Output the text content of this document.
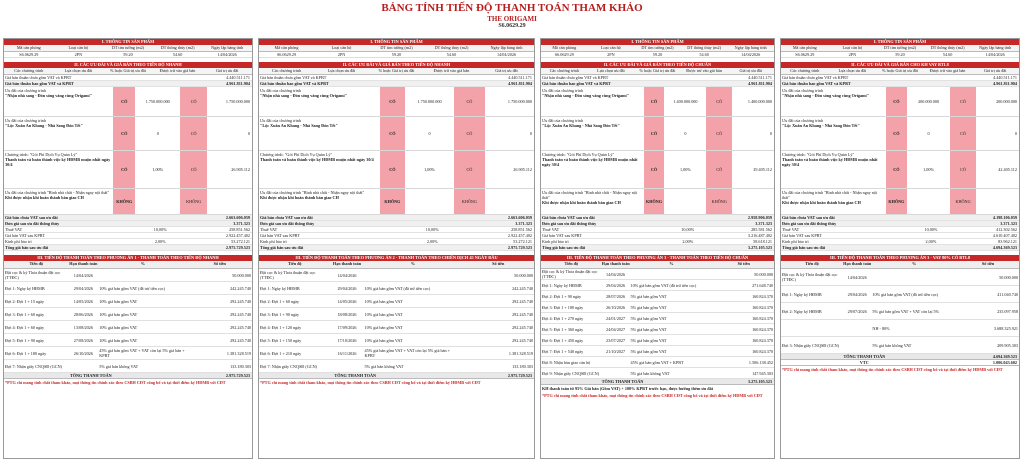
BẢNG TÍNH TIẾN ĐỘ THANH TOÁN THAM KHẢO
THE ORIGAMI
S6.0629.29
I. THÔNG TIN SẢN PHẨM
Mã căn phòng	Loại căn hộ	DT tim tường (m2)	DT thông thủy (m2)	Ngày lập bảng tính
S6.0629.29	2PN	59.20	54.60	14/04/2026
II. CÁC ƯU ĐÃI VÀ GIÁ BÁN THEO TIẾN ĐỘ NHANH
Các chương trình	Lựa chọn ưu đãi	% hoặc Giá trị ưu đãi	Được trừ vào giá bán	Giá trị ưu đãi
Giá bán thuần chưa gồm VAT và KPBT	4.440.511.171
Giá bán thuần bao gồm VAT và KPBT	4.961.811.904
Ưu đãi của chương trình
"Nhận nhà sang - Đón sóng vàng cùng Origami"
CÓ	1.750.000.000	CÓ	1.750.000.000
Ưu đãi của chương trình
"Lộc Xuân An Khang - Nhà Sang Đón Tết"
CÓ	0	CÓ	0
Chương trình: "Gói Phí Dịch Vụ Quản Lý"
Thanh toán và hoàn thành việc ký HĐMB muộn nhất ngày 30/4
CÓ	1,00%	CÓ	26.905.112
Ưu đãi của chương trình "Bình nhà chất - Nhận ngay nội thất"
Khi được nhận khi hoàn thành bàn giao CH
KHÔNG	KHÔNG
Giá bán chưa VAT sau ưu đãi	2.663.606.059
Đơn giá sau ưu đãi thông thủy	3.371.323
Thuế VAT	10,00%	258.851.562
Giá bán VAT sau KPBT	2.922.457.402
Kinh phí bảo trì	2,00%	53.272.121
Tổng giá bán sau ưu đãi	2.975.729.523
III. TIẾN ĐỘ THANH TOÁN THEO PHƯƠNG ÁN 1 - THANH TOÁN THEO TIẾN ĐỘ NHANH
Tiến độ	Hạn thanh toán	%	Số tiền
Đặt cọc & ký Thỏa thuận đặt cọc (TTĐC)	14/04/2026	50.000.000
Đợt 1: Ngày ký HĐMB	29/04/2026	10% giá bán gồm VAT (đã trừ tiền cọc)	242.245.740
Đợt 2: Đợt 1 + 15 ngày	14/05/2026	10% giá bán gồm VAT	292.245.740
Đợt 3: Đợt 1 + 60 ngày	28/06/2026	10% giá bán gồm VAT	292.245.740
Đợt 4: Đợt 1 + 60 ngày	13/08/2026	10% giá bán gồm VAT	292.245.740
Đợt 5: Đợt 1 + 90 ngày	27/08/2026	10% giá bán gồm VAT	292.245.740
Đợt 6: Đợt 1 + 180 ngày	26/10/2026	45% giá bán gồm VAT + VAT còn lại 5% giá bán + KPBT	1.381.328.519
Đợt 7: Nhận giấy CNQSĐ (GCN)	5% giá bán không VAT	133.180.303
TỔNG THANH TOÁN	2.975.729.523
*PTG chỉ mang tính chất tham khảo, mọi thông tin chính xác theo CSBH CĐT công bố và tại thời điểm ký HĐMB với CĐT
I. THÔNG TIN SẢN PHẨM
Mã căn phòng	Loại căn hộ	DT tim tường (m2)	DT thông thủy (m2)	Ngày lập bảng tính
S6.0629.29	2PN	59.20	54.60	14/04/2026
II. CÁC ƯU ĐÃI VÀ GIÁ BÁN THEO TIẾN ĐỘ NHANH
Các chương trình	Lựa chọn ưu đãi	% hoặc Giá trị ưu đãi	Được trừ vào giá bán	Giá trị ưu đãi
Giá bán thuần chưa gồm VAT và KPBT	4.440.511.171
Giá bán thuần bao gồm VAT và KPBT	4.961.811.904
Ưu đãi của chương trình
"Nhận nhà sang - Đón sóng vàng cùng Origami"
CÓ	1.750.000.000	CÓ	1.750.000.000
Ưu đãi của chương trình
"Lộc Xuân An Khang - Nhà Sang Đón Tết"
CÓ	0	CÓ	0
Chương trình: "Gói Phí Dịch Vụ Quản Lý"
Thanh toán và hoàn thành việc ký HĐMB muộn nhất ngày 30/4
CÓ	1,00%	CÓ	26.905.112
Ưu đãi của chương trình "Bình nhà chất - Nhận ngay nội thất"
Khi được nhận khi hoàn thành bàn giao CH
KHÔNG	KHÔNG
Giá bán chưa VAT sau ưu đãi	2.663.606.059
Đơn giá sau ưu đãi thông thủy	3.371.323
Thuế VAT	10,00%	258.851.562
Giá bán VAT sau KPBT	2.922.457.402
Kinh phí bảo trì	2,00%	53.272.121
Tổng giá bán sau ưu đãi	2.975.729.523
III. TIẾN ĐỘ THANH TOÁN THEO PHƯƠNG ÁN 2 - THANH TOÁN THEO CHIẾN DỊCH 45 NGÀY ĐẦU
Tiến độ	Hạn thanh toán	%	Số tiền
Đặt cọc & ký Thỏa thuận đặt cọc (TTĐC)	14/04/2026	50.000.000
Đợt 1: Ngày ký HĐMB	29/04/2026	10% giá bán gồm VAT (đã trừ tiền cọc)	242.245.740
Đợt 2: Đợt 1 + 60 ngày	14/05/2026	10% giá bán gồm VAT	292.245.740
Đợt 3: Đợt 1 + 90 ngày	18/08/2026	10% giá bán gồm VAT	292.245.740
Đợt 4: Đợt 1 + 120 ngày	17/09/2026	10% giá bán gồm VAT	292.245.740
Đợt 5: Đợt 1 + 150 ngày	17/10/2026	10% giá bán gồm VAT	292.245.740
Đợt 6: Đợt 1 + 210 ngày	16/11/2026	45% giá bán gồm VAT + VAT còn lại 5% giá bán + KPBT	1.381.328.519
Đợt 7: Nhận giấy CNQSĐ (GCN)	5% giá bán không VAT	133.180.303
TỔNG THANH TOÁN	2.975.729.523
*PTG chỉ mang tính chất tham khảo, mọi thông tin chính xác theo CSBH CĐT công bố và tại thời điểm ký HĐMB với CĐT
I. THÔNG TIN SẢN PHẨM
Mã căn phòng	Loại căn hộ	DT tim tường (m2)	DT thông thủy (m2)	Ngày lập bảng tính
S6.0629.29	2PN	59.20	54.60	14/04/2026
II. CÁC ƯU ĐÃI VÀ GIÁ BÁN THEO TIẾN ĐỘ CHUẨN
Các chương trình	Lựa chọn ưu đãi	% hoặc Giá trị ưu đãi	Được trừ vào giá bán	Giá trị ưu đãi
Giá bán thuần chưa gồm VAT và KPBT	4.440.511.171
Giá bán thuần bao gồm VAT và KPBT	4.961.811.904
Ưu đãi của chương trình
"Nhận nhà sang - Đón sóng vàng cùng Origami"
CÓ	1.400.000.000	CÓ	1.400.000.000
Ưu đãi của chương trình
"Lộc Xuân An Khang - Nhà Sang Đón Tết"
CÓ	0	CÓ	0
Chương trình: "Gói Phí Dịch Vụ Quản Lý"
Thanh toán và hoàn thành việc ký HĐMB muộn nhất ngày 30/4
CÓ	1,00%	CÓ	29.405.112
Ưu đãi của chương trình "Bình nhà chất - Nhận ngay nội thất"
Khi được nhận khi hoàn thành bàn giao CH	KHÔNG	KHÔNG
Giá bán chưa VAT sau ưu đãi	2.958.906.059
Đơn giá sau ưu đãi thông thủy	3.371.323
Thuế VAT	10,00%	285.581.562
Giá bán VAT sau KPBT	3.216.487.402
Kinh phí bảo trì	2,00%	58.618.121
Tổng giá bán sau ưu đãi	3.275.105.523
III. TIẾN ĐỘ THANH TOÁN THEO PHƯƠNG ÁN 3 - THANH TOÁN THEO TIẾN ĐỘ CHUẨN
Tiến độ	Hạn thanh toán	%	Số tiền
Đặt cọc & ký Thỏa thuận đặt cọc (TTĐC)	14/04/2026	50.000.000
Đợt 1: Ngày ký HĐMB	29/04/2026	10% giá bán gồm VAT (đã trừ tiền cọc)	271.648.740
Đợt 2: Đợt 1 + 90 ngày	28/07/2026	5% giá bán gồm VAT	160.824.370
Đợt 3: Đợt 1 + 180 ngày	26/10/2026	5% giá bán gồm VAT	160.824.370
Đợt 4: Đợt 1 + 270 ngày	24/01/2027	5% giá bán gồm VAT	160.824.370
Đợt 5: Đợt 1 + 360 ngày	24/04/2027	5% giá bán gồm VAT	160.824.370
Đợt 6: Đợt 1 + 450 ngày	23/07/2027	5% giá bán gồm VAT	160.824.370
Đợt 7: Đợt 1 + 540 ngày	21/10/2027	5% giá bán gồm VAT	160.824.370
Đợt 8: Nhận bàn giao căn hộ	45% giá bán gồm VAT + KPBT	1.506.138.452
Đợt 9: Nhận giấy CNQSĐ (GCN)	5% giá bán không VAT	147.945.303
TỔNG THANH TOÁN	3.275.105.523
KH thanh toán từ 95% Giá bán (Gồm VAT) + 100% KPBT trước hạn, được hưởng thêm ưu đãi
*PTG chỉ mang tính chất tham khảo, mọi thông tin chính xác theo CSBH CĐT công bố và tại thời điểm ký HĐMB với CĐT
I. THÔNG TIN SẢN PHẨM
Mã căn phòng	Loại căn hộ	DT tim tường (m2)	DT thông thủy (m2)	Ngày lập bảng tính
S6.0629.29	2PN	59.20	54.60	14/04/2026
II. CÁC ƯU ĐÃI VÀ GIÁ BÁN CHO KH VAY BTL8
Các chương trình	Lựa chọn ưu đãi	% hoặc Giá trị ưu đãi	Được trừ vào giá bán	Giá trị ưu đãi
Giá bán thuần chưa gồm VAT và KPBT	4.440.511.171
Giá bán thuần bao gồm VAT và KPBT	4.961.811.904
Ưu đãi của chương trình
"Nhận nhà sang - Đón sóng vàng cùng Origami"
CÓ	200.000.000	CÓ	200.000.000
Ưu đãi của chương trình
"Lộc Xuân An Khang - Nhà Sang Đón Tết"
CÓ	0	CÓ	0
Chương trình: "Gói Phí Dịch Vụ Quản Lý"
Thanh toán và hoàn thành việc ký HĐMB muộn nhất ngày 30/4
CÓ	1,00%	CÓ	42.405.112
Ưu đãi của chương trình "Bình nhà chất - Nhận ngay nội thất"
Khi được nhận khi hoàn thành bàn giao CH	KHÔNG	KHÔNG
Giá bán chưa VAT sau ưu đãi	4.198.106.059
Đơn giá sau ưu đãi thông thủy	3.371.323
Thuế VAT	10,00%	412.302.562
Giá bán VAT sau KPBT	4.610.407.402
Kinh phí bảo trì	2,00%	83.962.121
Tổng giá bán sau ưu đãi	4.694.369.523
III. TIẾN ĐỘ THANH TOÁN THEO PHƯƠNG ÁN 3 - VAY 80% CÓ BTL8
Tiến độ	Hạn thanh toán	%	Số tiền
Đặt cọc & ký Thỏa thuận đặt cọc (TTĐC)	14/04/2026	50.000.000
Đợt 1: Ngày ký HĐMB	29/04/2026	10% giá bán gồm VAT (đã trừ tiền cọc)	411.040.740
Đợt 2: Ngày ký HĐMB	29/07/2026	5% giá bán gồm VAT + VAT còn lại 5%	235.097.958
NH - 80%	3.688.325.921
Đợt 3: Nhận giấy CNQSĐ (GCN)	5% giá bán không VAT	209.905.303
TỔNG THANH TOÁN	4.694.369.523
VTC	1.006.043.602
*PTG chỉ mang tính chất tham khảo, mọi thông tin chính xác theo CSBH CĐT công bố và tại thời điểm ký HĐMB với CĐT
